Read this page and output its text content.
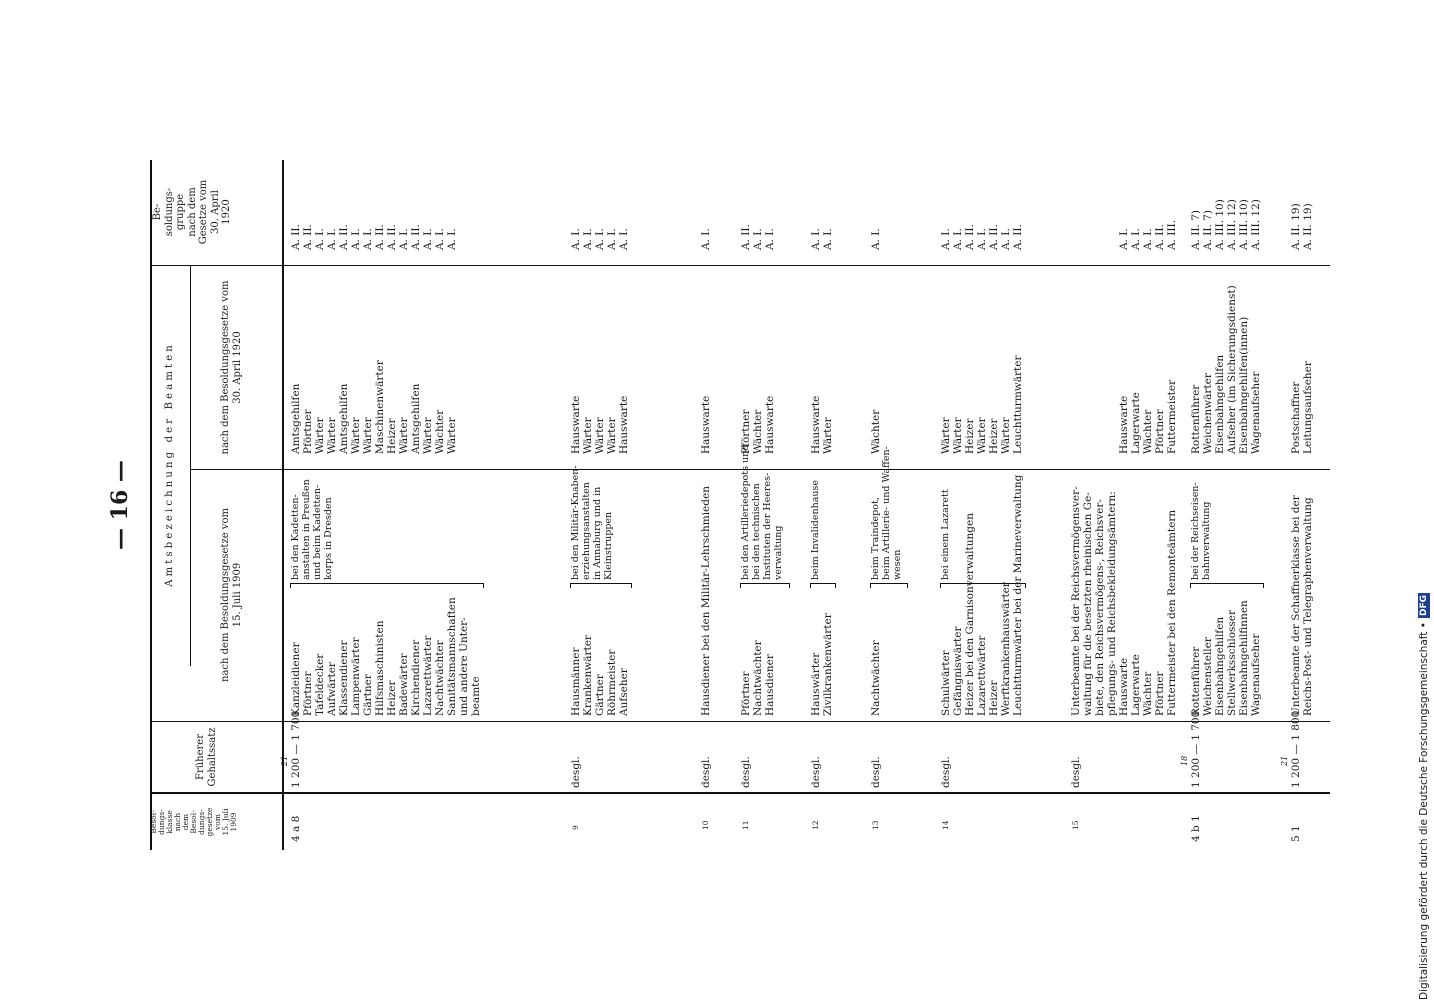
— 16 —
Digitalisierung gefördert durch die Deutsche Forschungsgemeinschaft •
DFG
Besol-
dungs-
klasse
nach
dem
Besol-
dungs-
gesetze
vom
15. Juli
1909
Früherer
Gehaltssatz
A m t s b e z e i c h n u n g   d e r   B e a m t e n
nach dem Besoldungsgesetze vom
15. Juli 1909
nach dem Besoldungsgesetze vom
30. April 1920
Be-
soldungs-
gruppe
nach dem
Gesetze vom
30. April
1920
4 a 8
21 1 200 — 1 700
Kanzleidiener Pförtner Tafeldecker Aufwärter Klassendiener Lampenwärter Gärtner Hilfsmaschinisten Heizer Badewärter Kirchendiener Lazarettwärter Nachtwächter Sanitätsmannschaften und andere Unter- beamte
bei den Kadetten-
anstalten in Preußen
und beim Kadetten-
korps in Dresden
Amtsgehilfen Pförtner Wärter Wärter Amtsgehilfen Wärter Wärter Maschinenwärter Heizer Wärter Amtsgehilfen Wärter Wächter Wärter
A. II. A. II. A. I. A. I. A. II. A. I. A. I. A. II. A. II. A. I. A. II. A. I. A. I. A. I.
9
desgl.
Hausmänner Krankenwärter Gärtner Röhrmeister Aufseher
bei den Militär-Knaben-
erziehungsanstalten
in Annaburg und in
Kleinstruppen
Hauswarte Wärter Wärter Wärter Hauswarte
A. I. A. I. A. I. A. I. A. I.
10
desgl.
Hausdiener bei den Militär-Lehrschmieden
Hauswarte
A. I.
11
desgl.
Pförtner Nachtwächter Hausdiener
bei den Artilleriedepots und
bei den technischen
Instituten der Heeres-
verwaltung
Pförtner Wächter Hauswarte
A. II. A. I. A. I.
12
desgl.
Hauswärter Zivilkrankenwärter
beim Invalidenhause
Hauswarte Wärter
A. I. A. I.
13
desgl.
Nachtwächter
beim Traindepot,
beim Artillerie- und Waffen-
wesen
Wächter
A. I.
14
desgl.
Schulwärter Gefängniswärter Heizer bei den Garnisonverwaltungen Lazarettwärter Heizer Werftkrankenhauswärter Leuchtturmwärter bei der Marineverwaltung
bei einem Lazarett
Wärter Wärter Heizer Wärter Heizer Wärter Leuchtturmwärter
A. I. A. I. A. II. A. I. A. II. A. I. A. II.
15
desgl.
Unterbeamte bei der Reichsvermögensver- waltung für die besetzten rheinischen Ge- biete, den Reichsvermögens-, Reichsver- pflegungs- und Reichsbekleidungsämtern: Hauswarte Lagerwarte Wächter Pförtner Futtermeister bei den Remonteämtern
Hauswarte Lagerwarte Wächter Pförtner Futtermeister
A. I. A. I. A. I. A. II. A. III.
4 b 1
18 1 200 — 1 700
Rottenführer Weichensteller Eisenbahngehilfen Stellwerksschlosser Eisenbahngehilfinnen Wagenaufseher
bei der Reichseisen-
bahnverwaltung
Rottenführer Weichenwärter Eisenbahngehilfen Aufseher (im Sicherungsdienst) Eisenbahngehilfen(innen) Wagenaufseher
A. II. 7) A. II. 7) A. III. 10) A. III. 12) A. III. 10) A. III. 12)
5 1
21 1 200 — 1 800
Unterbeamte der Schaffnerklasse bei der Reichs-Post- und Telegraphenverwaltung
Postschaffner Leitungsaufseher
A. II. 19) A. II. 19)
